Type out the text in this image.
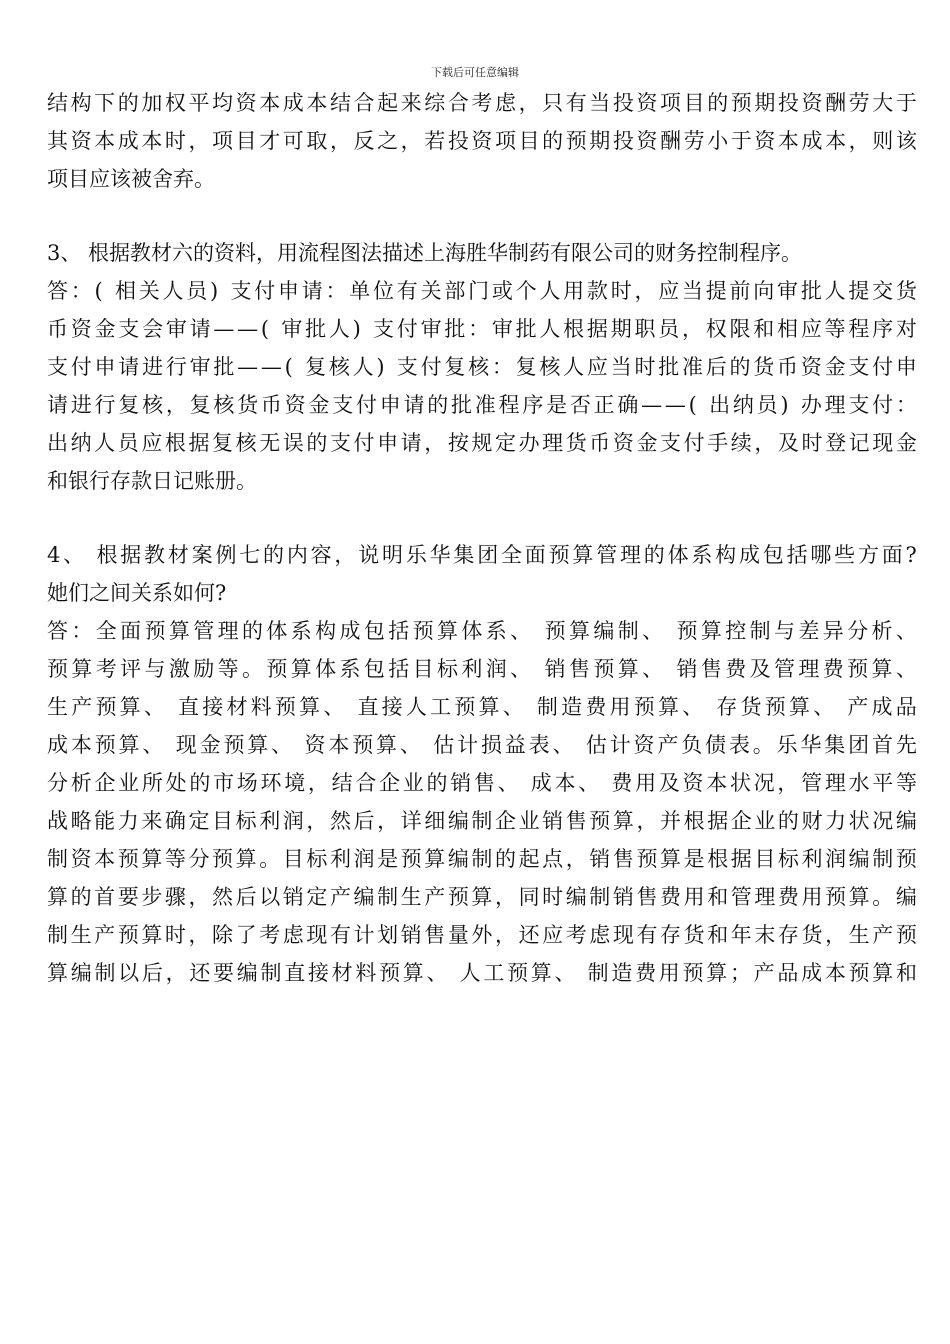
下载后可任意编辑
结 构 下 的 加 权 平 均 资 本 成 本 结 合 起 来 综 合 考 虑 ， 只 有 当 投 资 项 目 的 预 期 投 资 酬 劳 大 于
其 资 本 成 本 时 ， 项 目 才 可 取 ， 反 之 ， 若 投 资 项 目 的 预 期 投 资 酬 劳 小 于 资 本 成 本 ， 则 该
项目应该被舍弃。
3、 根据教材六的资料，用流程图法描述上海胜华制药有限公司的财务控制程序。
答 ： (
相 关 人 员 )
支 付 申 请 ： 单 位 有 关 部 门 或 个 人 用 款 时 ， 应 当 提 前 向 审 批 人 提 交 货
币 资 金 支 会 审 请 — — (
审 批 人 )
支 付 审 批 ： 审 批 人 根 据 期 职 员 ， 权 限 和 相 应 等 程 序 对
支 付 申 请 进 行 审 批 — — (
复 核 人 )
支 付 复 核 ： 复 核 人 应 当 时 批 准 后 的 货 币 资 金 支 付 申
请 进 行 复 核 ， 复 核 货 币 资 金 支 付 申 请 的 批 准 程 序 是 否 正 确 — — (
出 纳 员 )
办 理 支 付 ：
出 纳 人 员 应 根 据 复 核 无 误 的 支 付 申 请 ， 按 规 定 办 理 货 币 资 金 支 付 手 续 ， 及 时 登 记 现 金
和银行存款日记账册。
4 、
根 据 教 材 案 例 七 的 内 容 ， 说 明 乐 华 集 团 全 面 预 算 管 理 的 体 系 构 成 包 括 哪 些 方 面 ?
她们之间关系如何?
答 ： 全 面 预 算 管 理 的 体 系 构 成 包 括 预 算 体 系 、
预 算 编 制 、
预 算 控 制 与 差 异 分 析 、
预 算 考 评 与 激 励 等 。 预 算 体 系 包 括 目 标 利 润 、
销 售 预 算 、
销 售 费 及 管 理 费 预 算 、
生 产 预 算 、
直 接 材 料 预 算 、
直 接 人 工 预 算 、
制 造 费 用 预 算 、
存 货 预 算 、
产 成 品
成 本 预 算 、
现 金 预 算 、
资 本 预 算 、
估 计 损 益 表 、
估 计 资 产 负 债 表 。 乐 华 集 团 首 先
分 析 企 业 所 处 的 市 场 环 境 ， 结 合 企 业 的 销 售 、
成 本 、
费 用 及 资 本 状 况 ， 管 理 水 平 等
战 略 能 力 来 确 定 目 标 利 润 ， 然 后 ， 详 细 编 制 企 业 销 售 预 算 ， 并 根 据 企 业 的 财 力 状 况 编
制 资 本 预 算 等 分 预 算 。 目 标 利 润 是 预 算 编 制 的 起 点 ， 销 售 预 算 是 根 据 目 标 利 润 编 制 预
算 的 首 要 步 骤 ， 然 后 以 销 定 产 编 制 生 产 预 算 ， 同 时 编 制 销 售 费 用 和 管 理 费 用 预 算 。 编
制 生 产 预 算 时 ， 除 了 考 虑 现 有 计 划 销 售 量 外 ， 还 应 考 虑 现 有 存 货 和 年 末 存 货 ， 生 产 预
算 编 制 以 后 ， 还 要 编 制 直 接 材 料 预 算 、
人 工 预 算 、
制 造 费 用 预 算 ； 产 品 成 本 预 算 和
